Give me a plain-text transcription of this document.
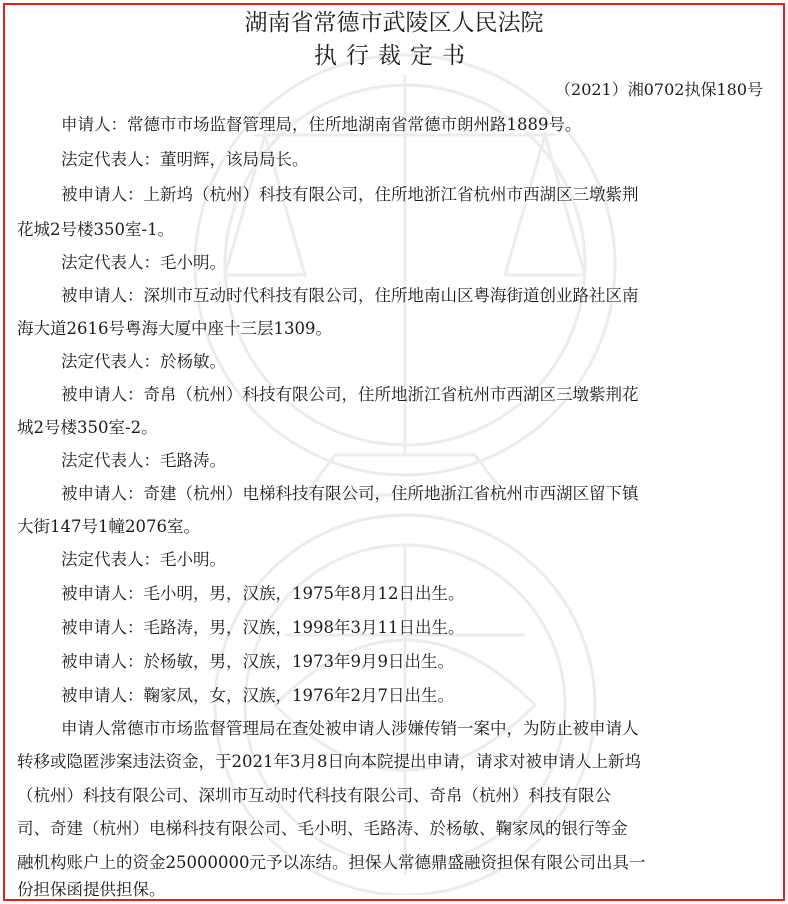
湖南省常德市武陵区人民法院
执行裁定书
（2021）湘0702执保180号
申请人：常德市市场监督管理局，住所地湖南省常德市朗州路1889号。
法定代表人：董明辉，该局局长。
被申请人：上新坞（杭州）科技有限公司，住所地浙江省杭州市西湖区三墩紫荆
花城2号楼350室-1。
法定代表人：毛小明。
被申请人：深圳市互动时代科技有限公司，住所地南山区粤海街道创业路社区南
海大道2616号粤海大厦中座十三层1309。
法定代表人：於杨敏。
被申请人：奇帛（杭州）科技有限公司，住所地浙江省杭州市西湖区三墩紫荆花
城2号楼350室-2。
法定代表人：毛路涛。
被申请人：奇建（杭州）电梯科技有限公司，住所地浙江省杭州市西湖区留下镇
大街147号1幢2076室。
法定代表人：毛小明。
被申请人：毛小明，男，汉族，1975年8月12日出生。
被申请人：毛路涛，男，汉族，1998年3月11日出生。
被申请人：於杨敏，男，汉族，1973年9月9日出生。
被申请人：鞠家凤，女，汉族，1976年2月7日出生。
申请人常德市市场监督管理局在查处被申请人涉嫌传销一案中，为防止被申请人
转移或隐匿涉案违法资金，于2021年3月8日向本院提出申请，请求对被申请人上新坞
（杭州）科技有限公司、深圳市互动时代科技有限公司、奇帛（杭州）科技有限公
司、奇建（杭州）电梯科技有限公司、毛小明、毛路涛、於杨敏、鞠家凤的银行等金
融机构账户上的资金25000000元予以冻结。担保人常德鼎盛融资担保有限公司出具一
份担保函提供担保。
